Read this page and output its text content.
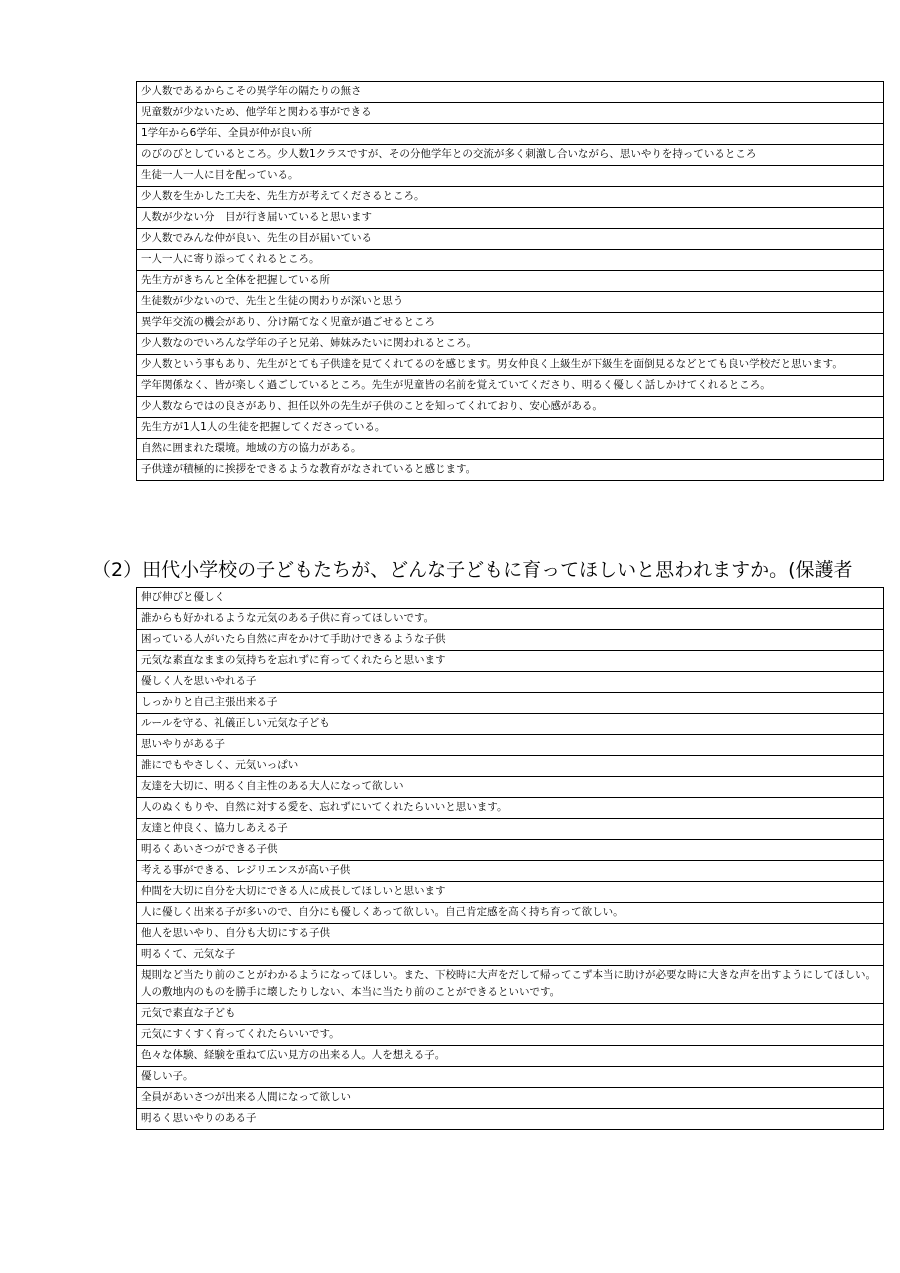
少人数であるからこその異学年の隔たりの無さ
児童数が少ないため、他学年と関わる事ができる
1学年から6学年、全員が仲が良い所
のびのびとしているところ。少人数1クラスですが、その分他学年との交流が多く刺激し合いながら、思いやりを持っているところ
生徒一人一人に目を配っている。
少人数を生かした工夫を、先生方が考えてくださるところ。
人数が少ない分　目が行き届いていると思います
少人数でみんな仲が良い、先生の目が届いている
一人一人に寄り添ってくれるところ。
先生方がきちんと全体を把握している所
生徒数が少ないので、先生と生徒の関わりが深いと思う
異学年交流の機会があり、分け隔てなく児童が過ごせるところ
少人数なのでいろんな学年の子と兄弟、姉妹みたいに関われるところ。
少人数という事もあり、先生がとても子供達を見てくれてるのを感じます。男女仲良く上級生が下級生を面倒見るなどとても良い学校だと思います。
学年関係なく、皆が楽しく過ごしているところ。先生が児童皆の名前を覚えていてくださり、明るく優しく話しかけてくれるところ。
少人数ならではの良さがあり、担任以外の先生が子供のことを知ってくれており、安心感がある。
先生方が1人1人の生徒を把握してくださっている。
自然に囲まれた環境。地域の方の協力がある。
子供達が積極的に挨拶をできるような教育がなされていると感じます。
（2）田代小学校の子どもたちが、どんな子どもに育ってほしいと思われますか。(保護者
伸び伸びと優しく
誰からも好かれるような元気のある子供に育ってほしいです。
困っている人がいたら自然に声をかけて手助けできるような子供
元気な素直なままの気持ちを忘れずに育ってくれたらと思います
優しく人を思いやれる子
しっかりと自己主張出来る子
ルールを守る、礼儀正しい元気な子ども
思いやりがある子
誰にでもやさしく、元気いっぱい
友達を大切に、明るく自主性のある大人になって欲しい
人のぬくもりや、自然に対する愛を、忘れずにいてくれたらいいと思います。
友達と仲良く、協力しあえる子
明るくあいさつができる子供
考える事ができる、レジリエンスが高い子供
仲間を大切に自分を大切にできる人に成長してほしいと思います
人に優しく出来る子が多いので、自分にも優しくあって欲しい。自己肯定感を高く持ち育って欲しい。
他人を思いやり、自分も大切にする子供
明るくて、元気な子
規則など当たり前のことがわかるようになってほしい。また、下校時に大声をだして帰ってこず本当に助けが必要な時に大きな声を出すようにしてほしい。
人の敷地内のものを勝手に壊したりしない、本当に当たり前のことができるといいです。
元気で素直な子ども
元気にすくすく育ってくれたらいいです。
色々な体験、経験を重ねて広い見方の出来る人。人を想える子。
優しい子。
全員があいさつが出来る人間になって欲しい
明るく思いやりのある子
